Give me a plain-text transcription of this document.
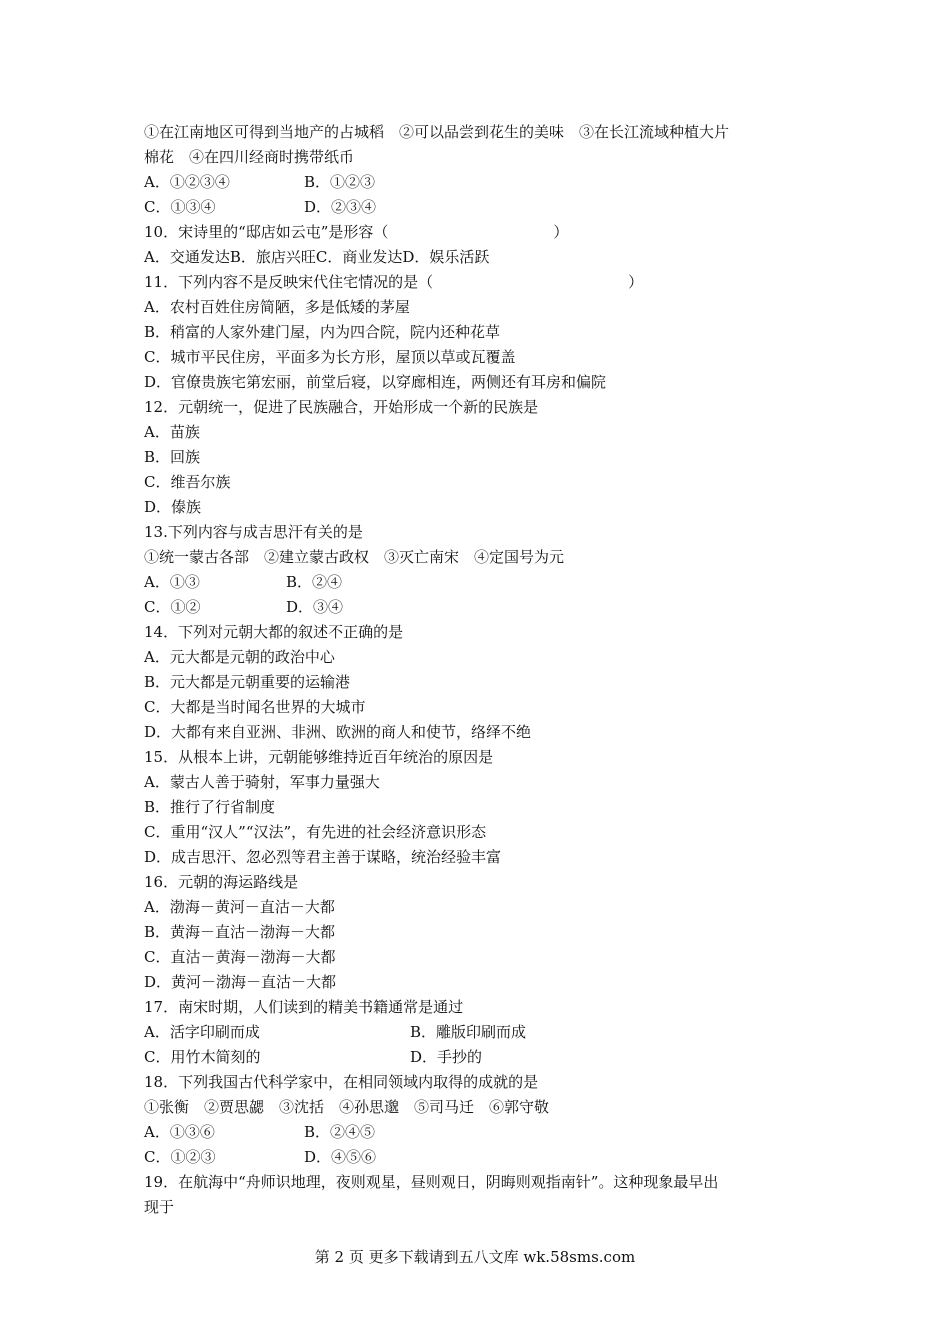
①在江南地区可得到当地产的占城稻　②可以品尝到花生的美味　③在长江流域种植大片
棉花　④在四川经商时携带纸币
A．①②③④	B．①②③
C．①③④	D．②③④
10．宋诗里的“邸店如云屯”是形容（　　　　　　　　　　　）
A．交通发达B．旅店兴旺C．商业发达D．娱乐活跃
11．下列内容不是反映宋代住宅情况的是（　　　　　　　　　　　　　）
A．农村百姓住房简陋，多是低矮的茅屋
B．稍富的人家外建门屋，内为四合院，院内还种花草
C．城市平民住房，平面多为长方形，屋顶以草或瓦覆盖
D．官僚贵族宅第宏丽，前堂后寝，以穿廊相连，两侧还有耳房和偏院
12．元朝统一，促进了民族融合，开始形成一个新的民族是
A．苗族
B．回族
C．维吾尔族
D．傣族
13.下列内容与成吉思汗有关的是
①统一蒙古各部　②建立蒙古政权　③灭亡南宋　④定国号为元
A．①③	B．②④
C．①②	D．③④
14．下列对元朝大都的叙述不正确的是
A．元大都是元朝的政治中心
B．元大都是元朝重要的运输港
C．大都是当时闻名世界的大城市
D．大都有来自亚洲、非洲、欧洲的商人和使节，络绎不绝
15．从根本上讲，元朝能够维持近百年统治的原因是
A．蒙古人善于骑射，军事力量强大
B．推行了行省制度
C．重用“汉人”“汉法”，有先进的社会经济意识形态
D．成吉思汗、忽必烈等君主善于谋略，统治经验丰富
16．元朝的海运路线是
A．渤海－黄河－直沽－大都
B．黄海－直沽－渤海－大都
C．直沽－黄海－渤海－大都
D．黄河－渤海－直沽－大都
17．南宋时期，人们读到的精美书籍通常是通过
A．活字印刷而成	B．雕版印刷而成
C．用竹木简刻的	D．手抄的
18．下列我国古代科学家中，在相同领域内取得的成就的是
①张衡　②贾思勰　③沈括　④孙思邈　⑤司马迁　⑥郭守敬
A．①③⑥	B．②④⑤
C．①②③	D．④⑤⑥
19．在航海中“舟师识地理，夜则观星，昼则观日，阴晦则观指南针”。这种现象最早出
现于
第 2 页 更多下载请到五八文库 wk.58sms.com
